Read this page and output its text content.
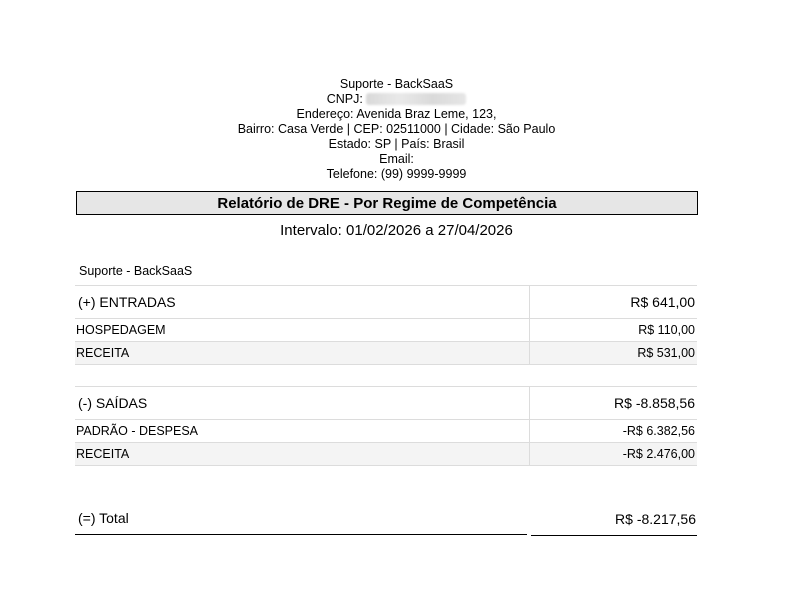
Suporte - BackSaaS
CNPJ:
Endereço: Avenida Braz Leme, 123,
Bairro: Casa Verde | CEP: 02511000 | Cidade: São Paulo
Estado: SP | País: Brasil
Email:
Telefone: (99) 9999-9999
Relatório de DRE - Por Regime de Competência
Intervalo: 01/02/2026 a 27/04/2026
Suporte - BackSaaS
(+) ENTRADAS	R$ 641,00
HOSPEDAGEM	R$ 110,00
RECEITA	R$ 531,00
(-) SAÍDAS	R$ -8.858,56
PADRÃO - DESPESA	-R$ 6.382,56
RECEITA	-R$ 2.476,00
(=) Total	R$ -8.217,56
